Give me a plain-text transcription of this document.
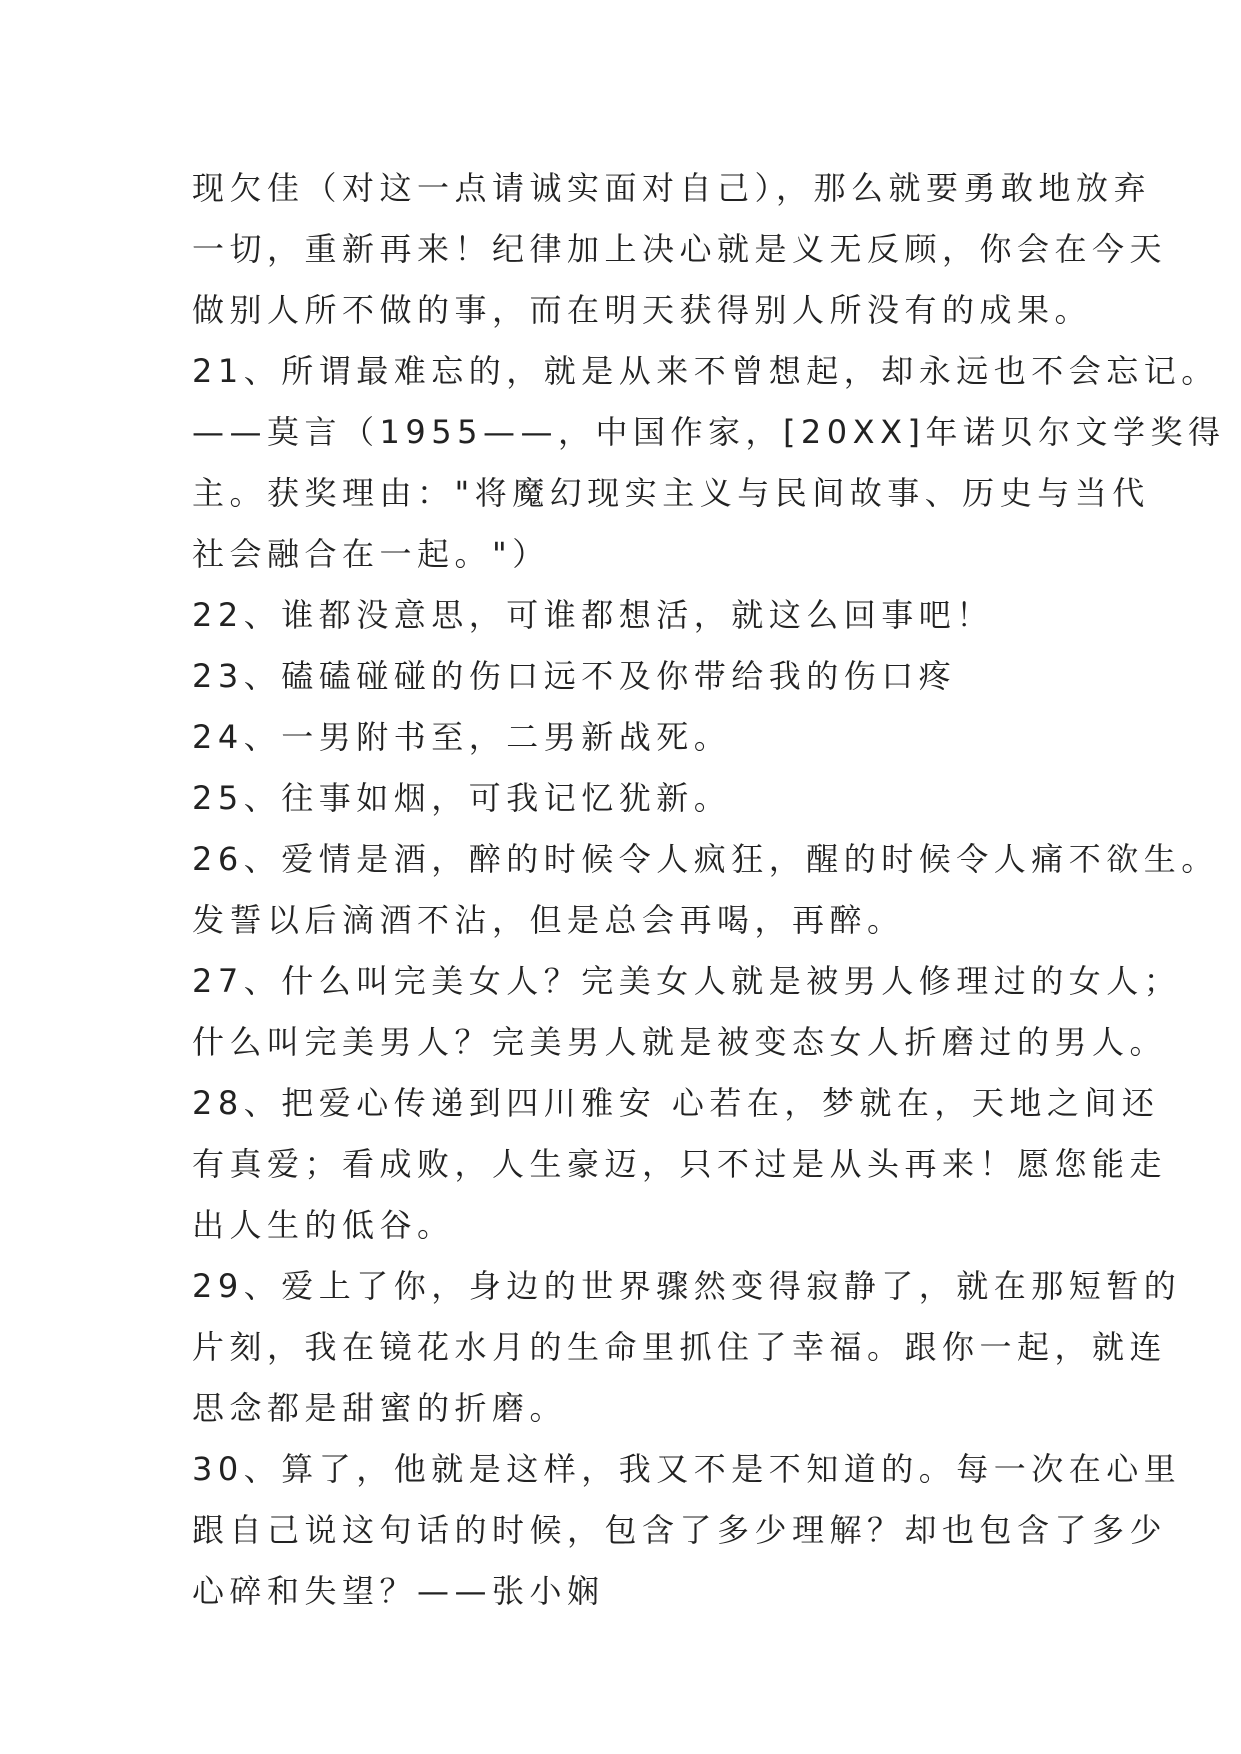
现欠佳（对这一点请诚实面对自己），那么就要勇敢地放弃
一切，重新再来！纪律加上决心就是义无反顾，你会在今天
做别人所不做的事，而在明天获得别人所没有的成果。
21、所谓最难忘的，就是从来不曾想起，却永远也不会忘记。
——莫言（1955——，中国作家，[20XX]年诺贝尔文学奖得
主。获奖理由："将魔幻现实主义与民间故事、历史与当代
社会融合在一起。"）
22、谁都没意思，可谁都想活，就这么回事吧！
23、磕磕碰碰的伤口远不及你带给我的伤口疼
24、一男附书至，二男新战死。
25、往事如烟，可我记忆犹新。
26、爱情是酒，醉的时候令人疯狂，醒的时候令人痛不欲生。
发誓以后滴酒不沾，但是总会再喝，再醉。
27、什么叫完美女人？完美女人就是被男人修理过的女人；
什么叫完美男人？完美男人就是被变态女人折磨过的男人。
28、把爱心传递到四川雅安 心若在，梦就在，天地之间还
有真爱；看成败，人生豪迈，只不过是从头再来！愿您能走
出人生的低谷。
29、爱上了你，身边的世界骤然变得寂静了，就在那短暂的
片刻，我在镜花水月的生命里抓住了幸福。跟你一起，就连
思念都是甜蜜的折磨。
30、算了，他就是这样，我又不是不知道的。每一次在心里
跟自己说这句话的时候，包含了多少理解？却也包含了多少
心碎和失望？——张小娴
